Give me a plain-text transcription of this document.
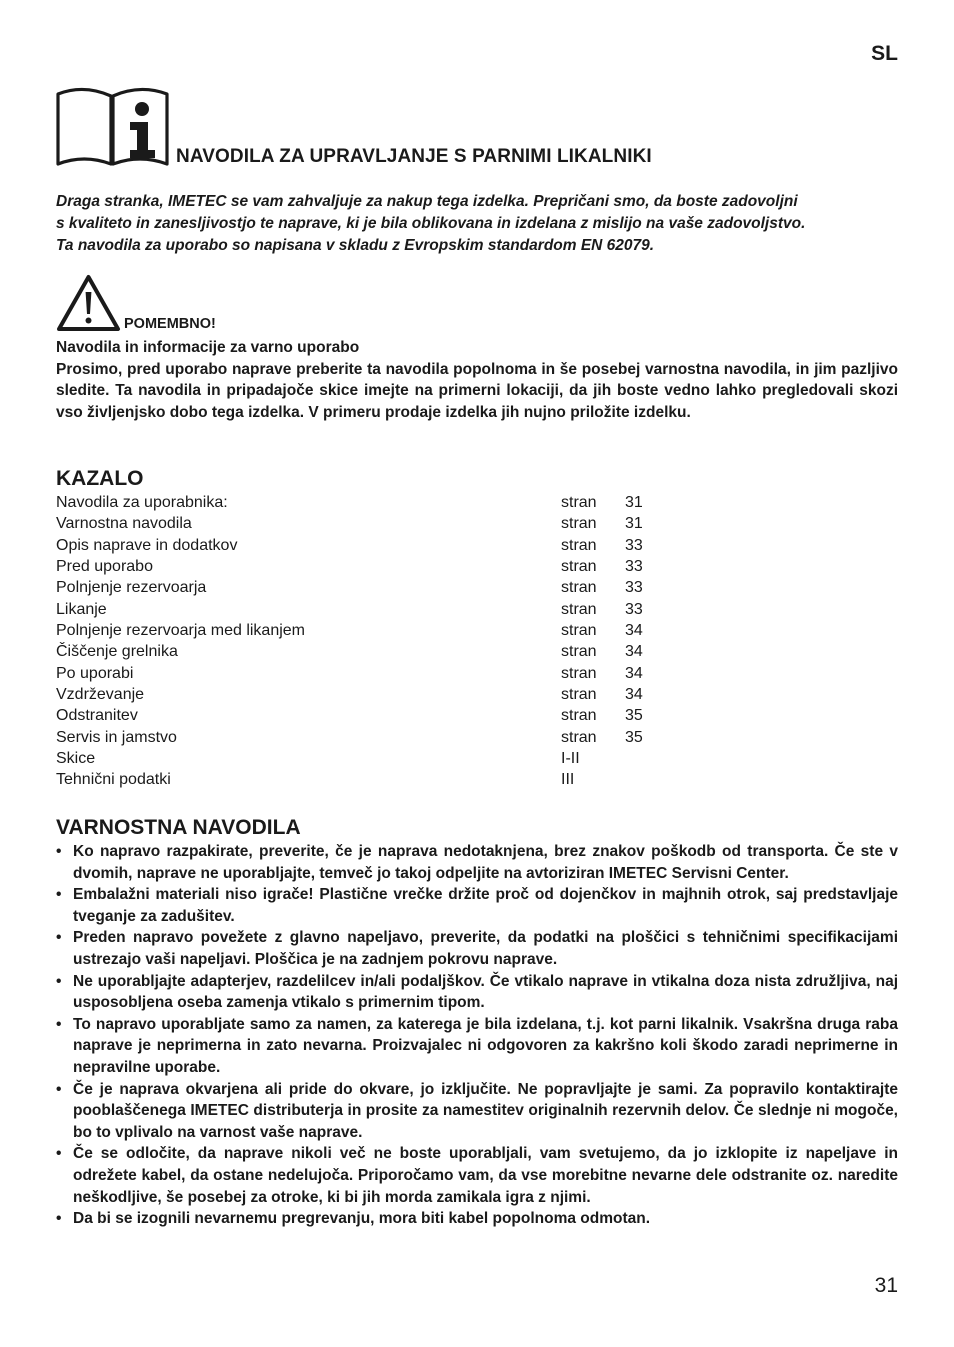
SL
NAVODILA ZA UPRAVLJANJE S PARNIMI LIKALNIKI

Draga stranka, IMETEC se vam zahvaljuje za nakup tega izdelka. Prepričani smo, da boste zadovoljni

s kvaliteto in zanesljivostjo te naprave, ki je bila oblikovana in izdelana z mislijo na vaše zadovoljstvo.

Ta navodila za uporabo so napisana v skladu z Evropskim standardom EN 62079.

POMEMBNO!

Navodila in informacije za varno uporabo

Prosimo, pred uporabo naprave preberite ta navodila popolnoma in še posebej varnostna navodila, in jim pazljivo sledite. Ta navodila in pripadajoče skice imejte na primerni lokaciji, da jih boste vedno lahko pregledovali skozi vso življenjsko dobo tega izdelka. V primeru prodaje izdelka jih nujno priložite izdelku.

KAZALO
Navodila za uporabnika:	stran 31
Varnostna navodila	stran 31
Opis naprave in dodatkov	stran 33
Pred uporabo	stran 33
Polnjenje rezervoarja	stran 33
Likanje	stran 33
Polnjenje rezervoarja med likanjem	stran 34
Čiščenje grelnika	stran 34
Po uporabi	stran 34
Vzdrževanje	stran 34
Odstranitev	stran 35
Servis in jamstvo	stran 35
Skice	I-II
Tehnični podatki	III
VARNOSTNA NAVODILA
• Ko napravo razpakirate, preverite, če je naprava nedotaknjena, brez znakov poškodb od transporta. Če ste v dvomih, naprave ne uporabljajte, temveč jo takoj odpeljite na avtoriziran IMETEC Servisni Center.
• Embalažni materiali niso igrače! Plastične vrečke držite proč od dojenčkov in majhnih otrok, saj predstavljaje tveganje za zadušitev.
• Preden napravo povežete z glavno napeljavo, preverite, da podatki na ploščici s tehničnimi specifikacijami ustrezajo vaši napeljavi. Ploščica je na zadnjem pokrovu naprave.
• Ne uporabljajte adapterjev, razdelilcev in/ali podaljškov. Če vtikalo naprave in vtikalna doza nista združljiva, naj usposobljena oseba zamenja vtikalo s primernim tipom.
• To napravo uporabljate samo za namen, za katerega je bila izdelana, t.j. kot parni likalnik. Vsakršna druga raba naprave je neprimerna in zato nevarna. Proizvajalec ni odgovoren za kakršno koli škodo zaradi neprimerne in nepravilne uporabe.
• Če je naprava okvarjena ali pride do okvare, jo izključite. Ne popravljajte je sami. Za popravilo kontaktirajte pooblaščenega IMETEC distributerja in prosite za namestitev originalnih rezervnih delov. Če slednje ni mogoče, bo to vplivalo na varnost vaše naprave.
• Če se odločite, da naprave nikoli več ne boste uporabljali, vam svetujemo, da jo izklopite iz napeljave in odrežete kabel, da ostane nedelujoča. Priporočamo vam, da vse morebitne nevarne dele odstranite oz. naredite neškodljive, še posebej za otroke, ki bi jih morda zamikala igra z njimi.
• Da bi se izognili nevarnemu pregrevanju, mora biti kabel popolnoma odmotan.
31
